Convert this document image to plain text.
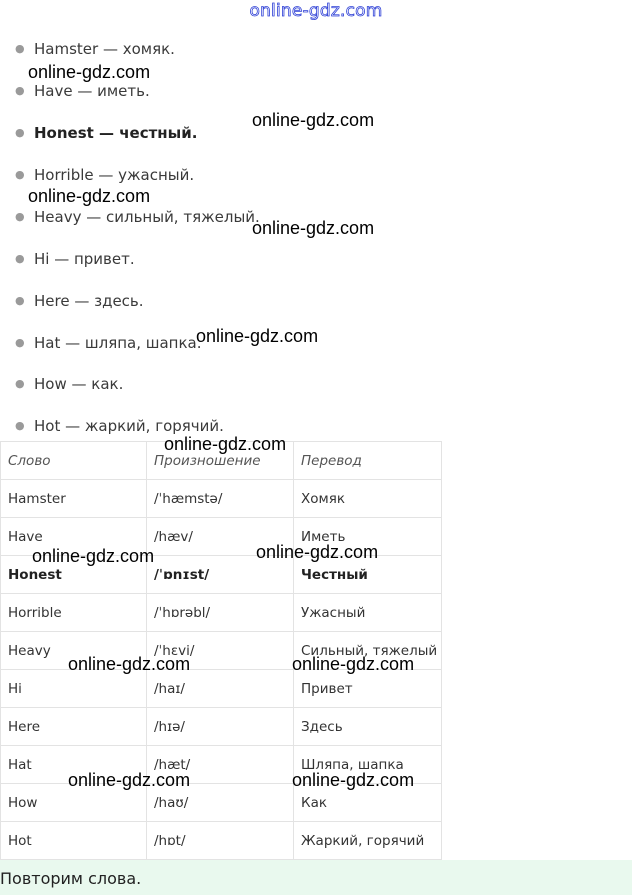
online-gdz.com
● Hamster — хомяк.
● Have — иметь.
● Honest — честный.
● Horrible — ужасный.
● Heavy — сильный, тяжелый.
● Hi — привет.
● Here — здесь.
● Hat — шляпа, шапка.
● How — как.
● Hot — жаркий, горячий.
Слово	Произношение	Перевод
Hamster	/ˈhæmstə/	Хомяк
Have	/hæv/	Иметь
Honest	/ˈɒnɪst/	Честный
Horrible	/ˈhɒrəbl/	Ужасный
Heavy	/ˈhɛvi/	Сильный, тяжелый
Hi	/haɪ/	Привет
Here	/hɪə/	Здесь
Hat	/hæt/	Шляпа, шапка
How	/haʊ/	Как
Hot	/hɒt/	Жаркий, горячий
Повторим слова.
online-gdz.com
online-gdz.com
online-gdz.com
online-gdz.com
online-gdz.com
online-gdz.com
online-gdz.com	online-gdz.com
online-gdz.com	online-gdz.com
online-gdz.com	online-gdz.com
